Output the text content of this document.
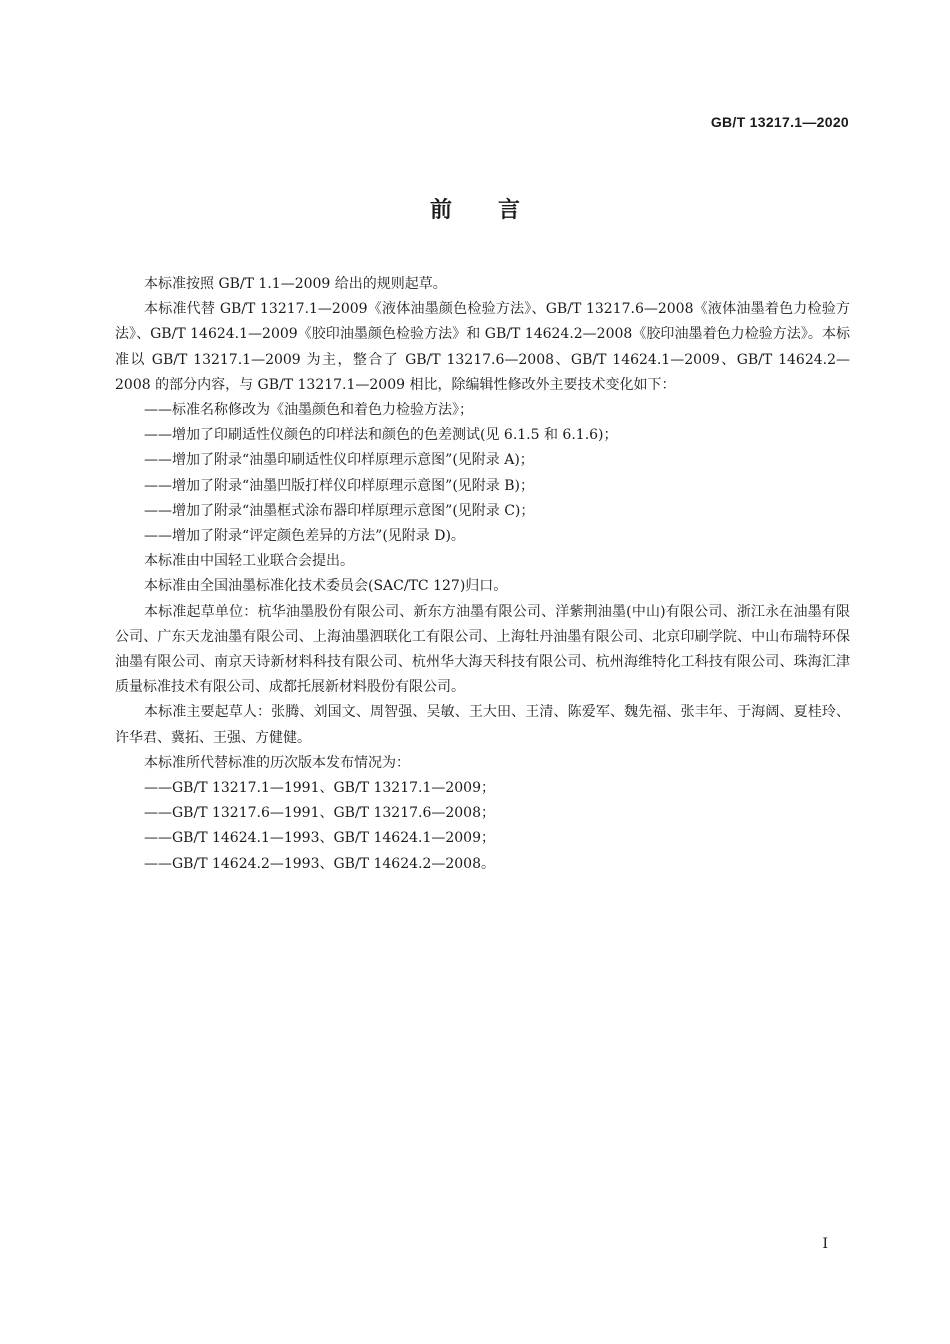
GB/T 13217.1—2020
前言

本标准按照 GB/T 1.1—2009 给出的规则起草。

本标准代替 GB/T 13217.1—2009《液体油墨颜色检验方法》、GB/T 13217.6—2008《液体油墨着色力检验方法》、GB/T 14624.1—2009《胶印油墨颜色检验方法》和 GB/T 14624.2—2008《胶印油墨着色力检验方法》。本标准以 GB/T 13217.1—2009 为主，整合了 GB/T 13217.6—2008、GB/T 14624.1—2009、GB/T 14624.2—2008 的部分内容，与 GB/T 13217.1—2009 相比，除编辑性修改外主要技术变化如下：

——标准名称修改为《油墨颜色和着色力检验方法》；

——增加了印刷适性仪颜色的印样法和颜色的色差测试(见 6.1.5 和 6.1.6)；

——增加了附录“油墨印刷适性仪印样原理示意图”(见附录 A)；

——增加了附录“油墨凹版打样仪印样原理示意图”(见附录 B)；

——增加了附录“油墨框式涂布器印样原理示意图”(见附录 C)；

——增加了附录“评定颜色差异的方法”(见附录 D)。

本标准由中国轻工业联合会提出。

本标准由全国油墨标准化技术委员会(SAC/TC 127)归口。

本标准起草单位：杭华油墨股份有限公司、新东方油墨有限公司、洋紫荆油墨(中山)有限公司、浙江永在油墨有限公司、广东天龙油墨有限公司、上海油墨泗联化工有限公司、上海牡丹油墨有限公司、北京印刷学院、中山布瑞特环保油墨有限公司、南京天诗新材料科技有限公司、杭州华大海天科技有限公司、杭州海维特化工科技有限公司、珠海汇津质量标准技术有限公司、成都托展新材料股份有限公司。

本标准主要起草人：张腾、刘国文、周智强、吴敏、王大田、王清、陈爱军、魏先福、张丰年、于海阔、夏桂玲、许华君、冀拓、王强、方健健。

本标准所代替标准的历次版本发布情况为：

——GB/T 13217.1—1991、GB/T 13217.1—2009；

——GB/T 13217.6—1991、GB/T 13217.6—2008；

——GB/T 14624.1—1993、GB/T 14624.1—2009；

——GB/T 14624.2—1993、GB/T 14624.2—2008。

I
